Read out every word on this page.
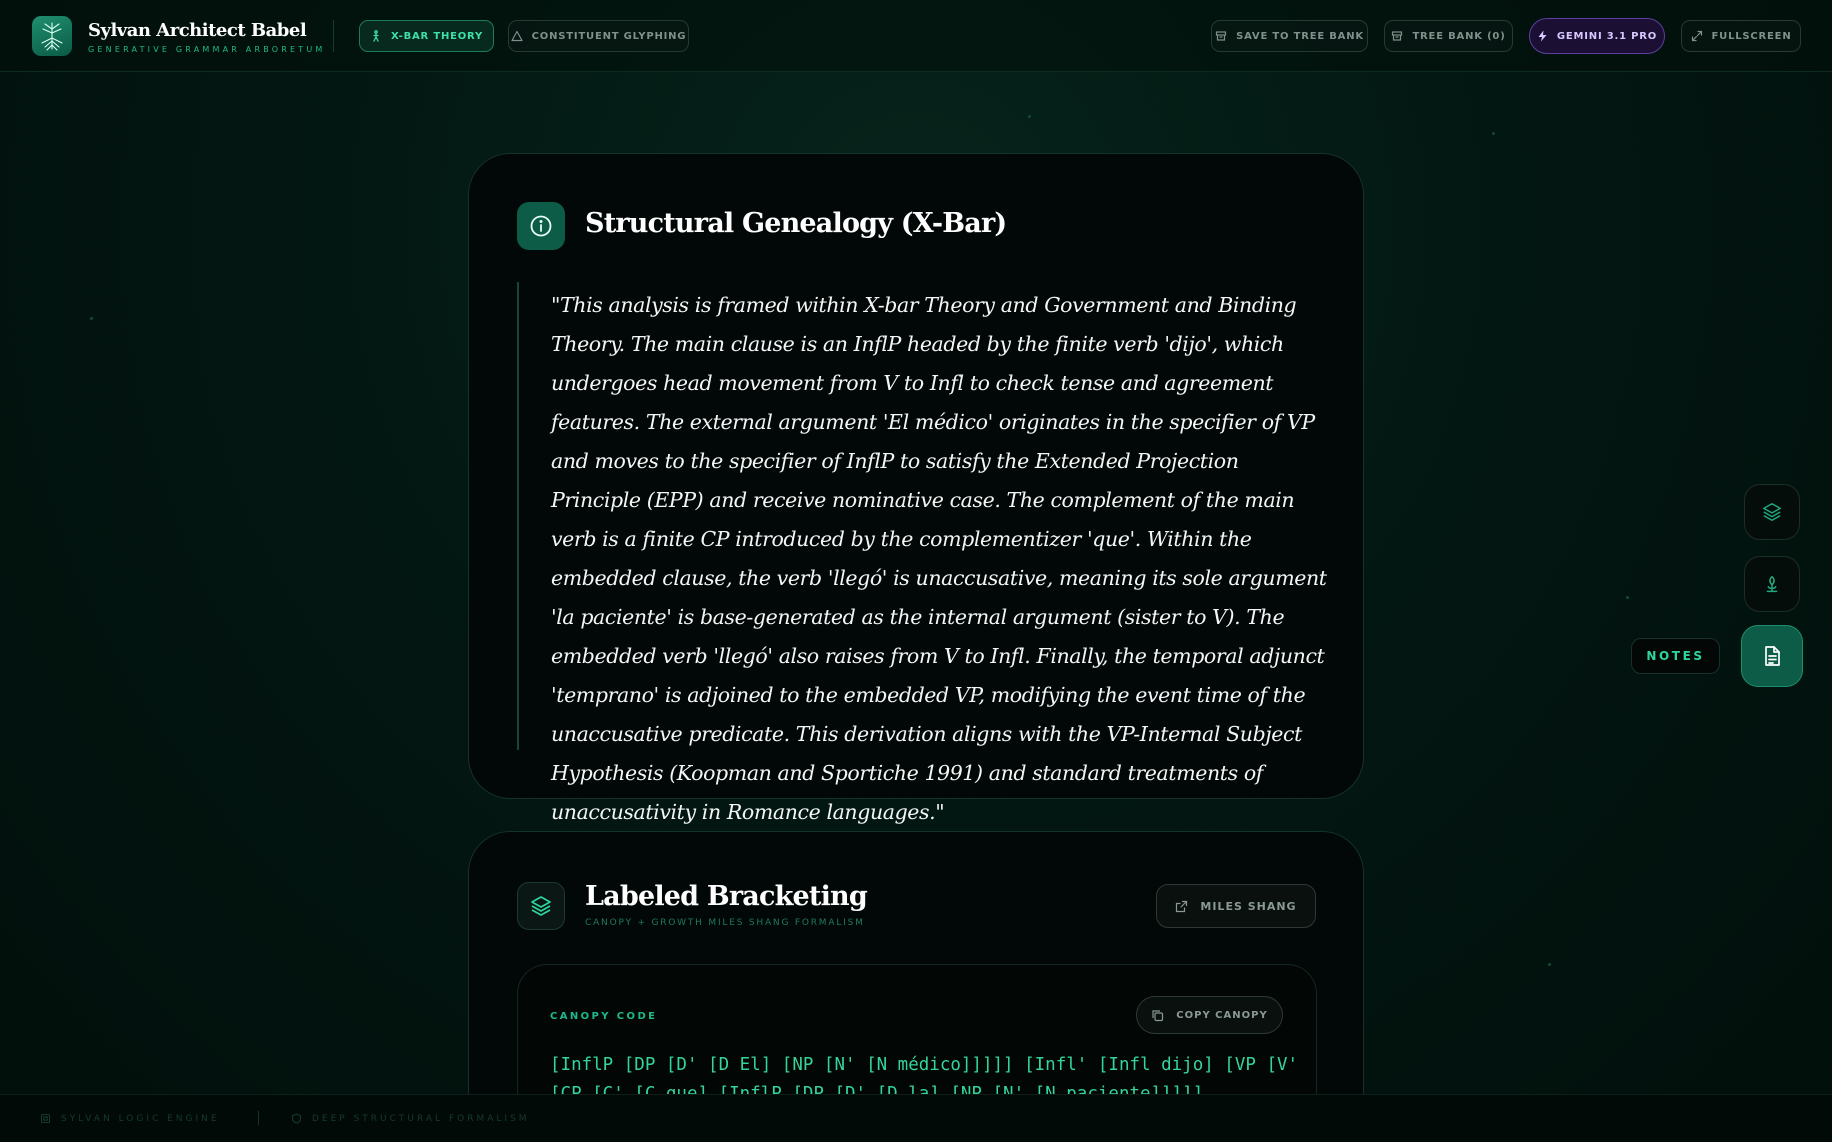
Sylvan Architect Babel
GENERATIVE GRAMMAR ARBORETUM
X-BAR THEORY	CONSTITUENT GLYPHING	SAVE TO TREE BANK	TREE BANK (0)	GEMINI 3.1 PRO	FULLSCREEN
Structural Genealogy (X-Bar)
"This analysis is framed within X-bar Theory and Government and Binding Theory. The main clause is an InflP headed by the finite verb 'dijo', which undergoes head movement from V to Infl to check tense and agreement features. The external argument 'El médico' originates in the specifier of VP and moves to the specifier of InflP to satisfy the Extended Projection Principle (EPP) and receive nominative case. The complement of the main verb is a finite CP introduced by the complementizer 'que'. Within the embedded clause, the verb 'llegó' is unaccusative, meaning its sole argument 'la paciente' is base-generated as the internal argument (sister to V). The embedded verb 'llegó' also raises from V to Infl. Finally, the temporal adjunct 'temprano' is adjoined to the embedded VP, modifying the event time of the unaccusative predicate. This derivation aligns with the VP-Internal Subject Hypothesis (Koopman and Sportiche 1991) and standard treatments of unaccusativity in Romance languages."
Labeled Bracketing
CANOPY + GROWTH MILES SHANG FORMALISM
MILES SHANG
CANOPY CODE	COPY CANOPY
[InflP [DP [D' [D El] [NP [N' [N médico]]]]] [Infl' [Infl dijo] [VP [V'
NOTES
SYLVAN LOGIC ENGINE	DEEP STRUCTURAL FORMALISM
